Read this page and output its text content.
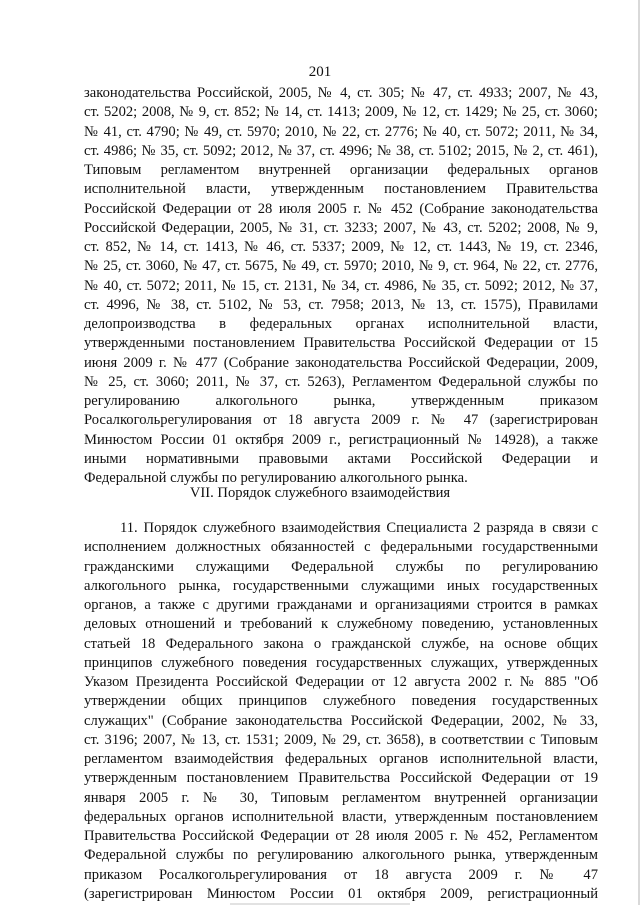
201
законодательства Российской, 2005, № 4, ст. 305; № 47, ст. 4933; 2007, № 43,
ст. 5202; 2008, № 9, ст. 852; № 14, ст. 1413; 2009, № 12, ст. 1429; № 25, ст. 3060;
№ 41, ст. 4790; № 49, ст. 5970; 2010, № 22, ст. 2776; № 40, ст. 5072; 2011, № 34,
ст. 4986; № 35, ст. 5092; 2012, № 37, ст. 4996; № 38, ст. 5102; 2015, № 2, ст. 461),
Типовым регламентом внутренней организации федеральных органов
исполнительной власти, утвержденным постановлением Правительства
Российской Федерации от 28 июля 2005 г. № 452 (Собрание законодательства
Российской Федерации, 2005, № 31, ст. 3233; 2007, № 43, ст. 5202; 2008, № 9,
ст. 852, № 14, ст. 1413, № 46, ст. 5337; 2009, № 12, ст. 1443, № 19, ст. 2346,
№ 25, ст. 3060, № 47, ст. 5675, № 49, ст. 5970; 2010, № 9, ст. 964, № 22, ст. 2776,
№ 40, ст. 5072; 2011, № 15, ст. 2131, № 34, ст. 4986, № 35, ст. 5092; 2012, № 37,
ст. 4996, № 38, ст. 5102, № 53, ст. 7958; 2013, № 13, ст. 1575), Правилами
делопроизводства в федеральных органах исполнительной власти,
утвержденными постановлением Правительства Российской Федерации от 15
июня 2009 г. № 477 (Собрание законодательства Российской Федерации, 2009,
№ 25, ст. 3060; 2011, № 37, ст. 5263), Регламентом Федеральной службы по
регулированию алкогольного рынка, утвержденным приказом
Росалкогольрегулирования от 18 августа 2009 г. № 47 (зарегистрирован
Минюстом России 01 октября 2009 г., регистрационный № 14928), а также
иными нормативными правовыми актами Российской Федерации и
Федеральной службы по регулированию алкогольного рынка.
VII. Порядок служебного взаимодействия
11. Порядок служебного взаимодействия Специалиста 2 разряда в связи с
исполнением должностных обязанностей с федеральными государственными
гражданскими служащими Федеральной службы по регулированию
алкогольного рынка, государственными служащими иных государственных
органов, а также с другими гражданами и организациями строится в рамках
деловых отношений и требований к служебному поведению, установленных
статьей 18 Федерального закона о гражданской службе, на основе общих
принципов служебного поведения государственных служащих, утвержденных
Указом Президента Российской Федерации от 12 августа 2002 г. № 885 "Об
утверждении общих принципов служебного поведения государственных
служащих" (Собрание законодательства Российской Федерации, 2002, № 33,
ст. 3196; 2007, № 13, ст. 1531; 2009, № 29, ст. 3658), в соответствии с Типовым
регламентом взаимодействия федеральных органов исполнительной власти,
утвержденным постановлением Правительства Российской Федерации от 19
января 2005 г. № 30, Типовым регламентом внутренней организации
федеральных органов исполнительной власти, утвержденным постановлением
Правительства Российской Федерации от 28 июля 2005 г. № 452, Регламентом
Федеральной службы по регулированию алкогольного рынка, утвержденным
приказом Росалкогольрегулирования от 18 августа 2009 г. № 47
(зарегистрирован Минюстом России 01 октября 2009, регистрационный
